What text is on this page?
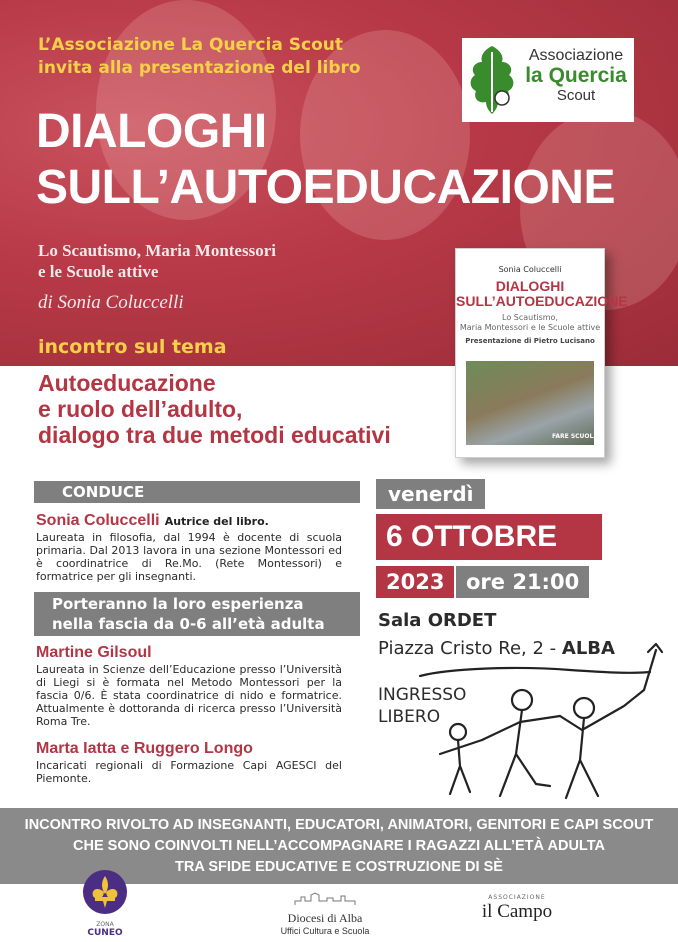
L’Associazione La Quercia Scout
invita alla presentazione del libro
DIALOGHI
SULL’AUTOEDUCAZIONE
Lo Scautismo, Maria Montessori
e le Scuole attive
di Sonia Coluccelli
incontro sul tema
Associazione
la Quercia
Scout
Sonia Coluccelli
DIALOGHI
SULL’AUTOEDUCAZIONE
Lo Scautismo,
Maria Montessori e le Scuole attive
Presentazione di Pietro Lucisano
FARE SCUOLA
Autoeducazione
e ruolo dell’adulto,
dialogo tra due metodi educativi
CONDUCE
Sonia Coluccelli Autrice del libro.
Laureata in filosofia, dal 1994 è docente di scuola primaria. Dal 2013 lavora in una sezione Montessori ed è coordinatrice di Re.Mo. (Rete Montessori) e formatrice per gli insegnanti.
Porteranno la loro esperienza
nella fascia da 0-6 all’età adulta
Martine Gilsoul
Laureata in Scienze dell’Educazione presso l’Università di Liegi si è formata nel Metodo Montessori per la fascia 0/6. È stata coordinatrice di nido e formatrice. Attualmente è dottoranda di ricerca presso l’Università Roma Tre.
Marta Iatta e Ruggero Longo
Incaricati regionali di Formazione Capi AGESCI del Piemonte.
venerdì
6 OTTOBRE
2023	ore 21:00
Sala ORDET
Piazza Cristo Re, 2 - ALBA
INGRESSO
LIBERO
INCONTRO RIVOLTO AD INSEGNANTI, EDUCATORI, ANIMATORI, GENITORI E CAPI SCOUT
CHE SONO COINVOLTI NELL’ACCOMPAGNARE I RAGAZZI ALL’ETÀ ADULTA
TRA SFIDE EDUCATIVE E COSTRUZIONE DI SÈ
ZONA
CUNEO
Diocesi di Alba
Uffici Cultura e Scuola
ASSOCIAZIONE
il Campo
